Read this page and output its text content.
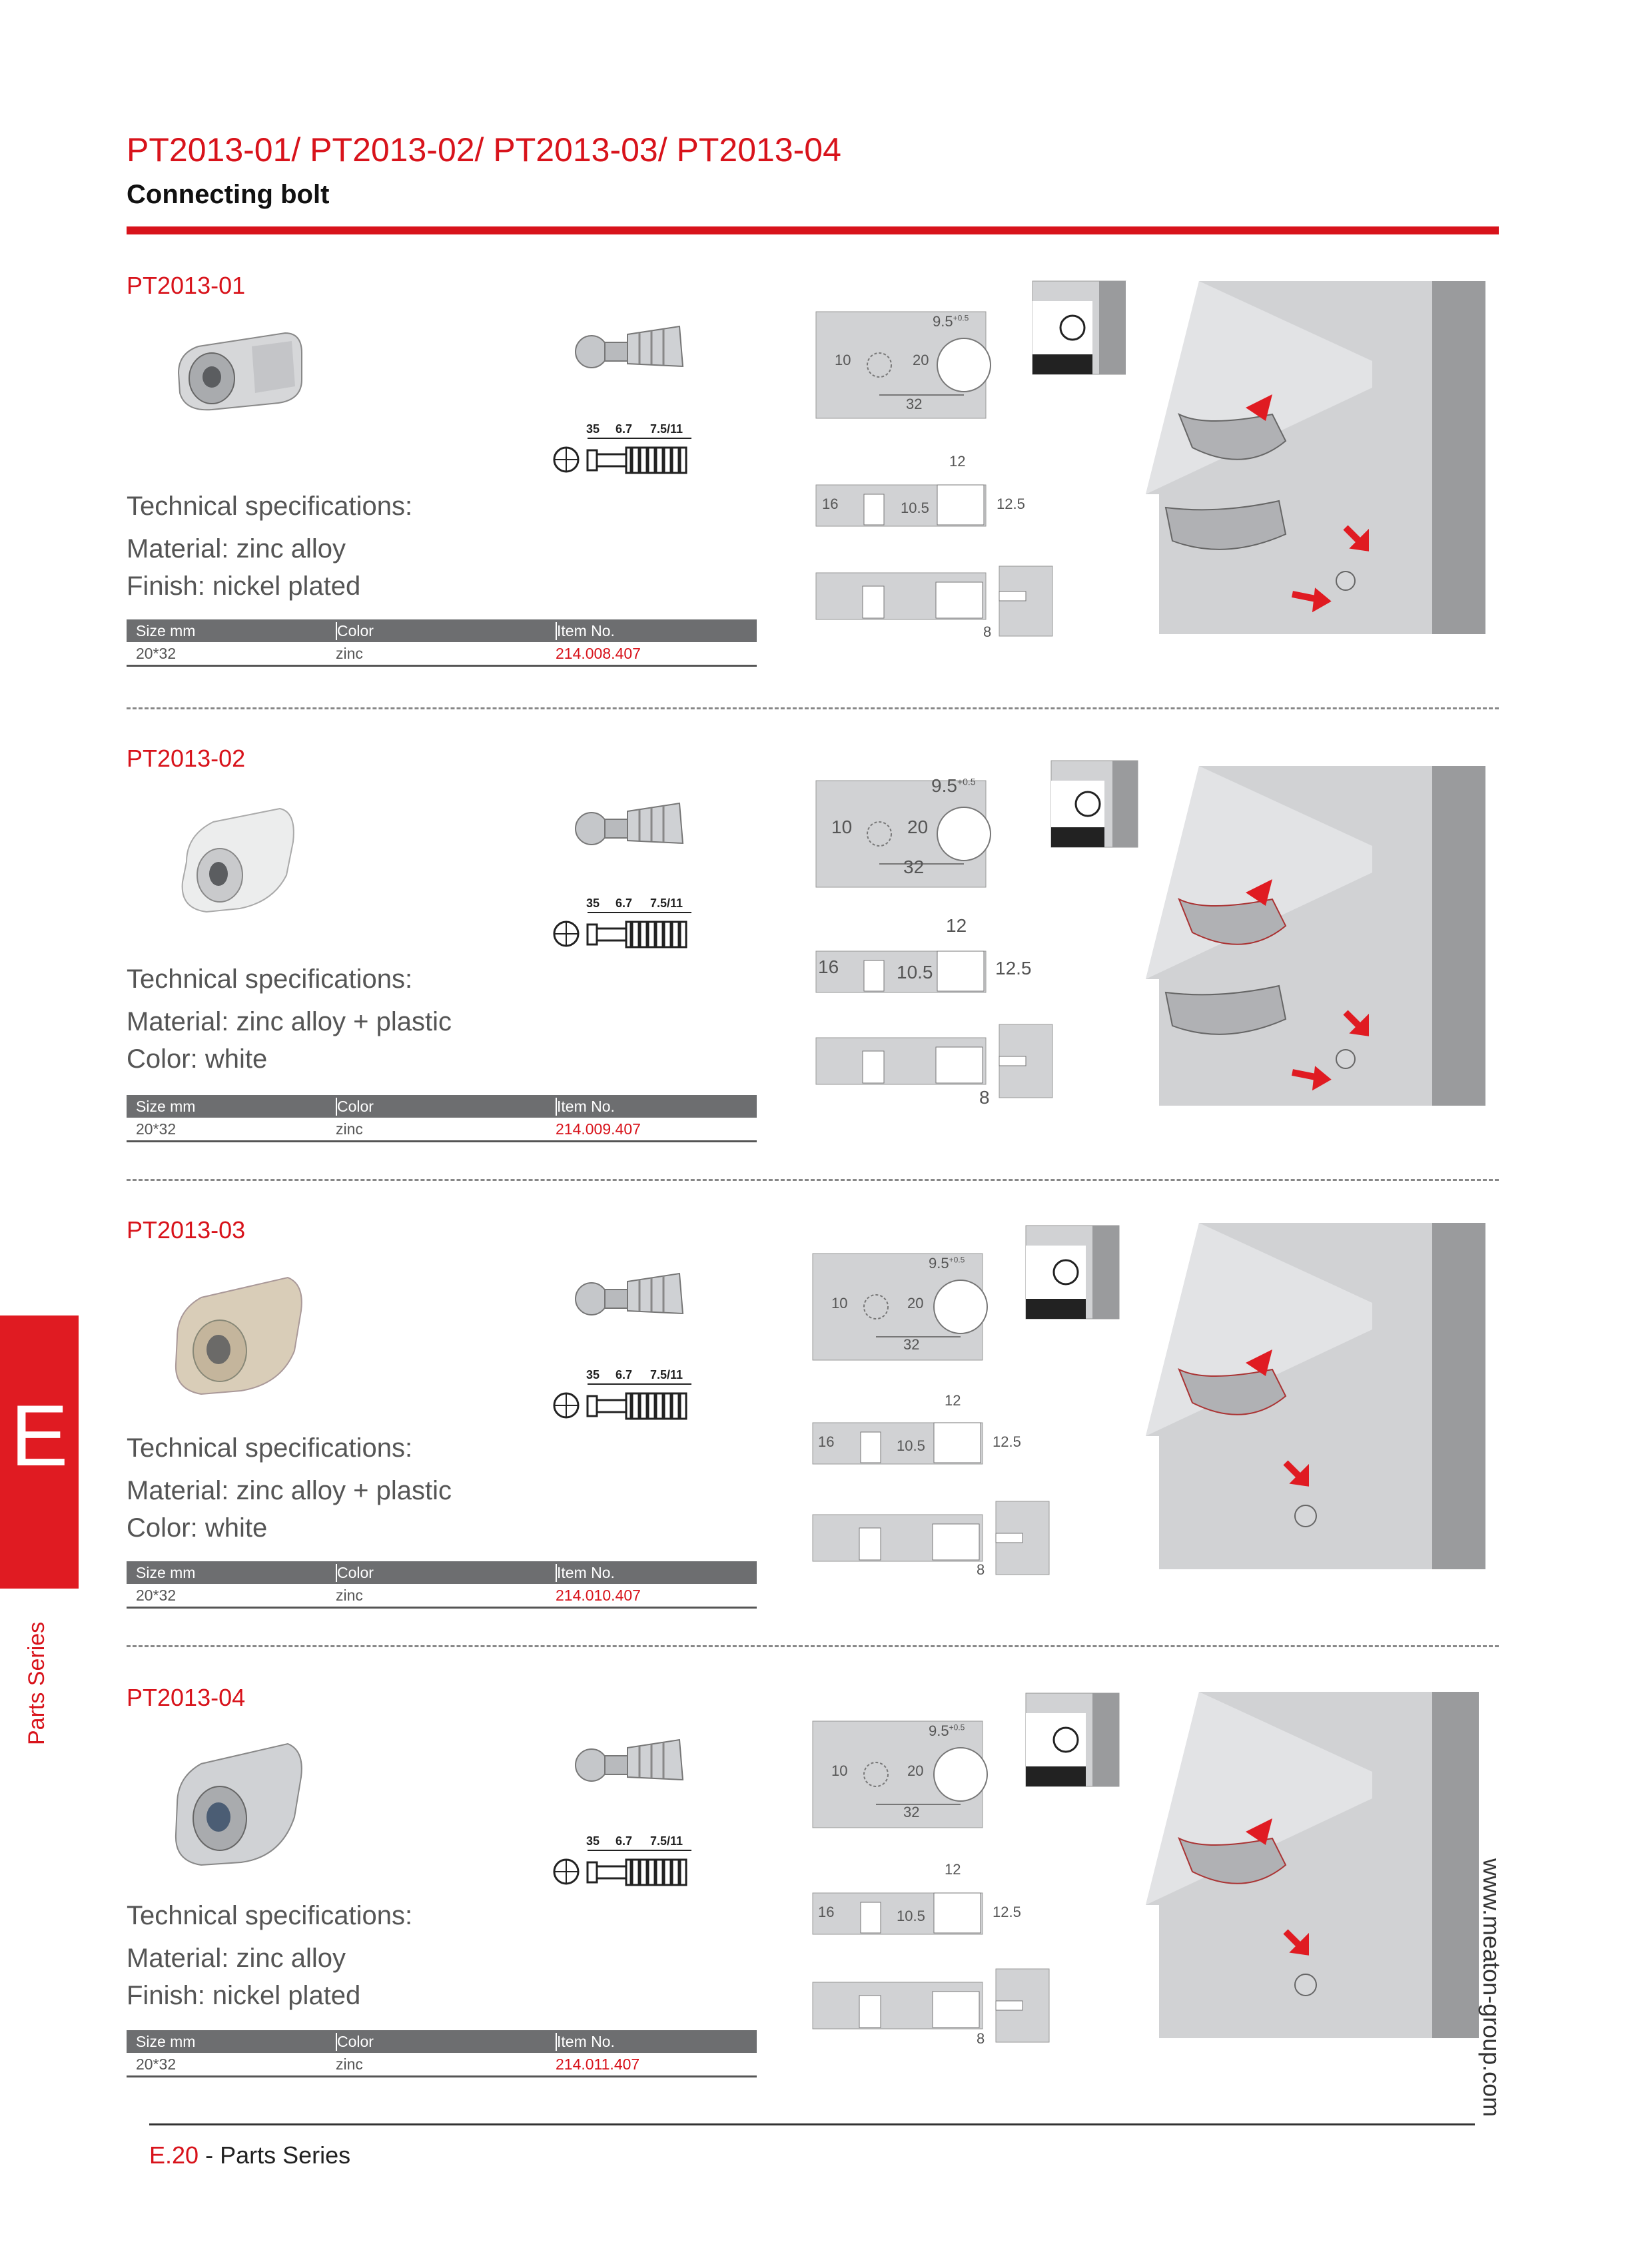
PT2013-01/ PT2013-02/ PT2013-03/ PT2013-04
Connecting bolt
PT2013-01
35 6.7 7.5/11
Technical specifications:
Material: zinc alloy
Finish: nickel plated
Size mm	Color	Item No.
20*32	zinc	214.008.407
$9.5^{+0.5}$
10	20
32
12
16	10.5	12.5
8
PT2013-02
35 6.7 7.5/11
Technical specifications:
Material: zinc alloy + plastic
Color: white
Size mm	Color	Item No.
20*32	zinc	214.009.407
$9.5^{+0.5}$
10	20
32
12
16	10.5	12.5
8
PT2013-03
35 6.7 7.5/11
Technical specifications:
Material: zinc alloy + plastic
Color: white
Size mm	Color	Item No.
20*32	zinc	214.010.407
$9.5^{+0.5}$
10	20
32
12
16	10.5	12.5
8
PT2013-04
35 6.7 7.5/11
Technical specifications:
Material: zinc alloy
Finish: nickel plated
Size mm	Color	Item No.
20*32	zinc	214.011.407
$9.5^{+0.5}$
10	20
32
12
16	10.5	12.5
8
E
Parts Series
www.meaton-group.com
E.20 - Parts Series
